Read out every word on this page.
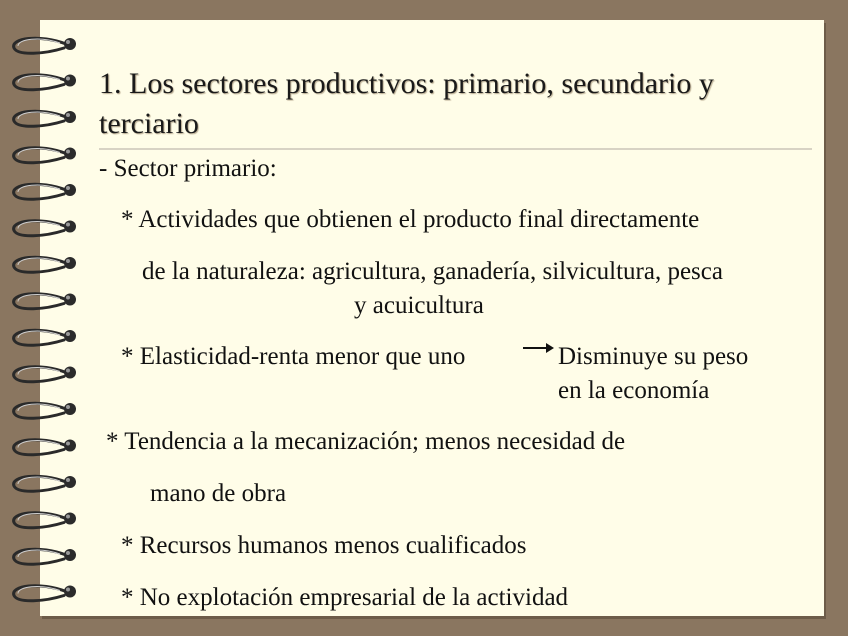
1. Los sectores productivos: primario, secundario y terciario
- Sector primario:
* Actividades que obtienen el producto final directamente
de la naturaleza: agricultura, ganadería, silvicultura, pesca
y acuicultura
* Elasticidad-renta menor que uno	Disminuye su peso
en la economía
* Tendencia a la mecanización; menos necesidad de
mano de obra
* Recursos humanos menos cualificados
* No explotación empresarial de la actividad
